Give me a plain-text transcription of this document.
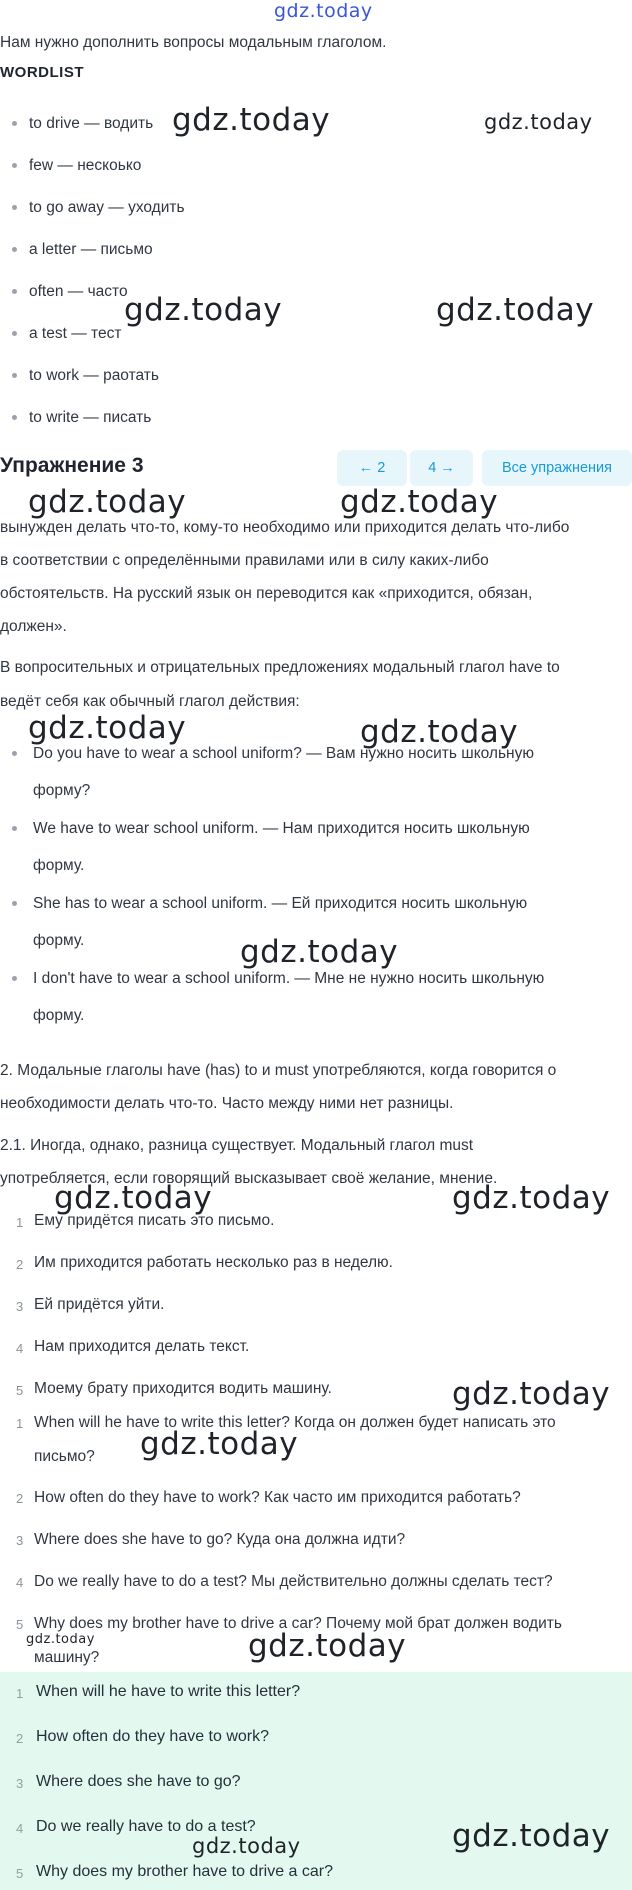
gdz.today
Нам нужно дополнить вопросы модальным глаголом.
WORDLIST
to drive — водить
few — нескоько
to go away — уходить
a letter — письмо
often — часто
a test — тест
to work — раотать
to write — писать
Упражнение 3	← 2	4 →	Все упражнения
вынужден делать что-то, кому-то необходимо или приходится делать что-либо
в соответствии с определёнными правилами или в силу каких-либо
обстоятельств. На русский язык он переводится как «приходится, обязан,
должен».
В вопросительных и отрицательных предложениях модальный глагол have to
ведёт себя как обычный глагол действия:
Do you have to wear a school uniform? — Вам нужно носить школьную
форму?
We have to wear school uniform. — Нам приходится носить школьную
форму.
She has to wear a school uniform. — Ей приходится носить школьную
форму.
I don't have to wear a school uniform. — Мне не нужно носить школьную
форму.
2. Модальные глаголы have (has) to и must употребляются, когда говорится о
необходимости делать что-то. Часто между ними нет разницы.
2.1. Иногда, однако, разница существует. Модальный глагол must
употребляется, если говорящий высказывает своё желание, мнение.
1 Ему придётся писать это письмо.
2 Им приходится работать несколько раз в неделю.
3 Ей придётся уйти.
4 Нам приходится делать текст.
5 Моему брату приходится водить машину.
1 When will he have to write this letter? Когда он должен будет написать это
письмо?
2 How often do they have to work? Как часто им приходится работать?
3 Where does she have to go? Куда она должна идти?
4 Do we really have to do a test? Мы действительно должны сделать тест?
5 Why does my brother have to drive a car? Почему мой брат должен водить
машину?
1 When will he have to write this letter?
2 How often do they have to work?
3 Where does she have to go?
4 Do we really have to do a test?
5 Why does my brother have to drive a car?
gdz.today	gdz.today
gdz.today	gdz.today
gdz.today	gdz.today
gdz.today	gdz.today
gdz.today
gdz.today	gdz.today
gdz.today
gdz.today
gdz.today	gdz.today
gdz.today	gdz.today
